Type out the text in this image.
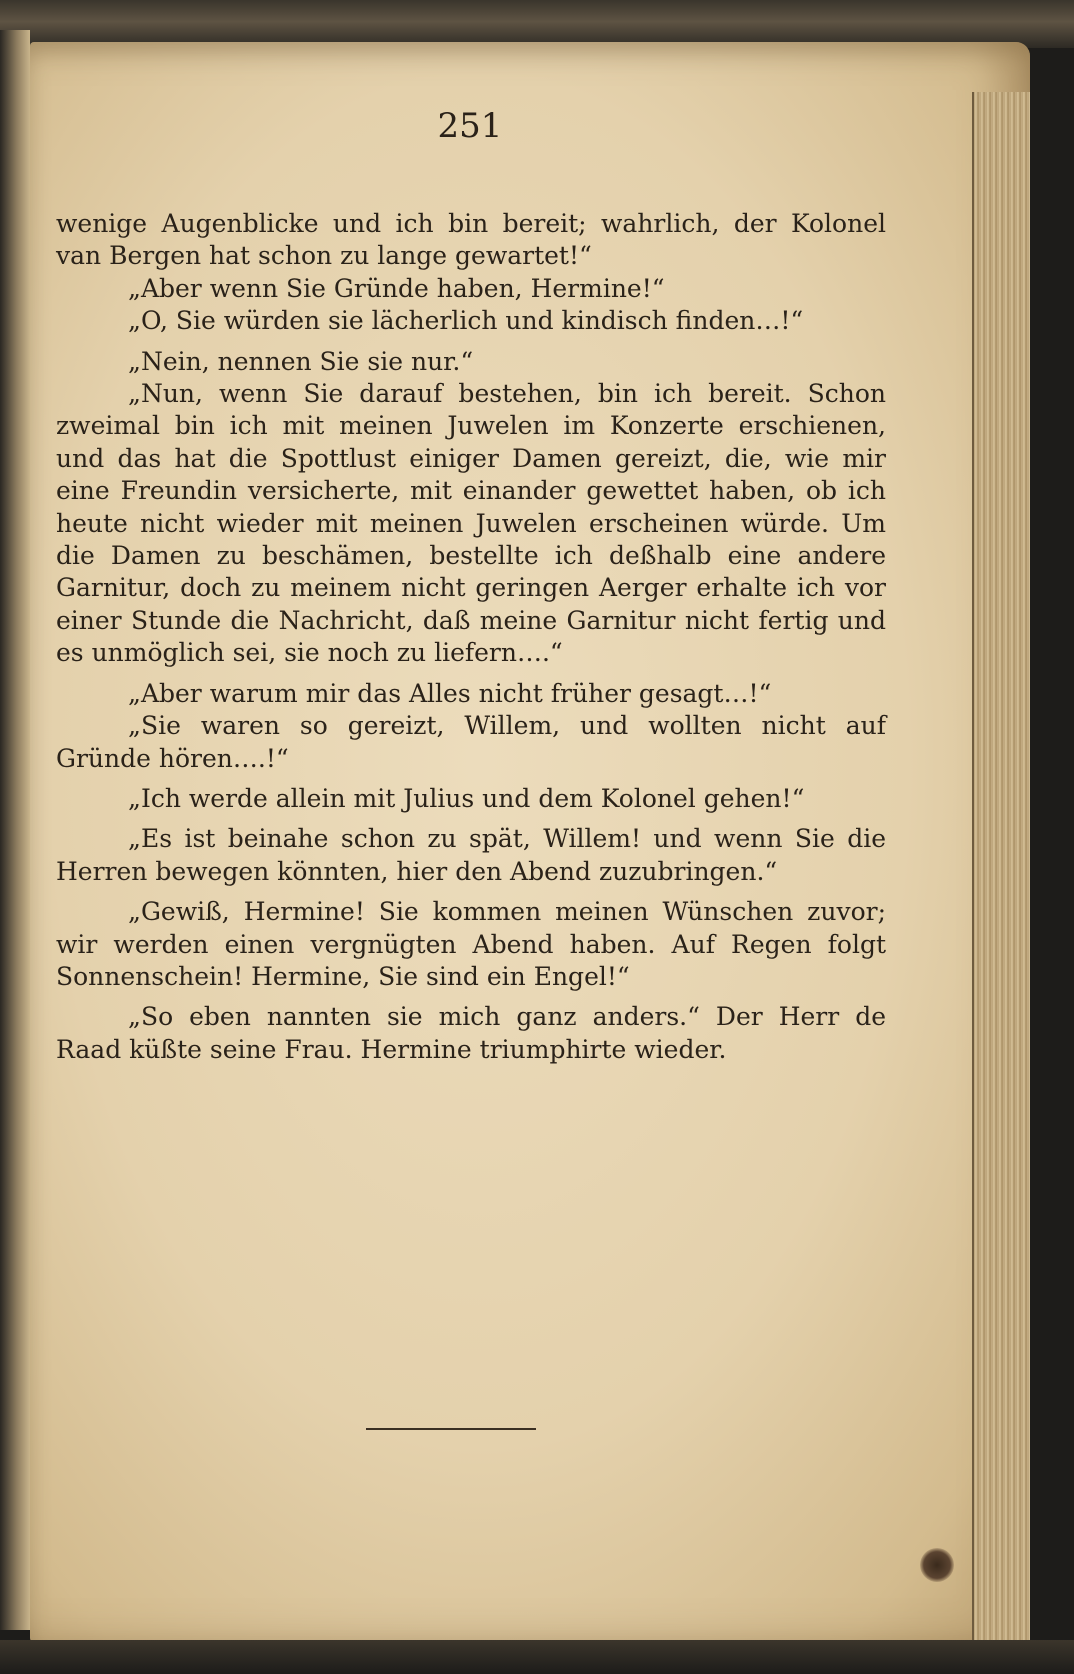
251

wenige Augenblicke und ich bin bereit; wahrlich, der Kolonel van Bergen hat schon zu lange gewartet!“

„Aber wenn Sie Gründe haben, Hermine!“

„O, Sie würden sie lächerlich und kindisch finden…!“

„Nein, nennen Sie sie nur.“

„Nun, wenn Sie darauf bestehen, bin ich bereit. Schon zweimal bin ich mit meinen Juwelen im Konzerte erschienen, und das hat die Spottlust einiger Damen gereizt, die, wie mir eine Freundin versicherte, mit einander gewettet haben, ob ich heute nicht wieder mit meinen Juwelen erscheinen würde. Um die Damen zu beschämen, bestellte ich deßhalb eine andere Garnitur, doch zu meinem nicht geringen Aerger erhalte ich vor einer Stunde die Nachricht, daß meine Garnitur nicht fertig und es unmöglich sei, sie noch zu liefern….“

„Aber warum mir das Alles nicht früher gesagt…!“

„Sie waren so gereizt, Willem, und wollten nicht auf Gründe hören….!“

„Ich werde allein mit Julius und dem Kolonel gehen!“

„Es ist beinahe schon zu spät, Willem! und wenn Sie die Herren bewegen könnten, hier den Abend zuzubringen.“

„Gewiß, Hermine! Sie kommen meinen Wünschen zuvor; wir werden einen vergnügten Abend haben. Auf Regen folgt Sonnenschein! Hermine, Sie sind ein Engel!“

„So eben nannten sie mich ganz anders.“ Der Herr de Raad küßte seine Frau. Hermine triumphirte wieder.
